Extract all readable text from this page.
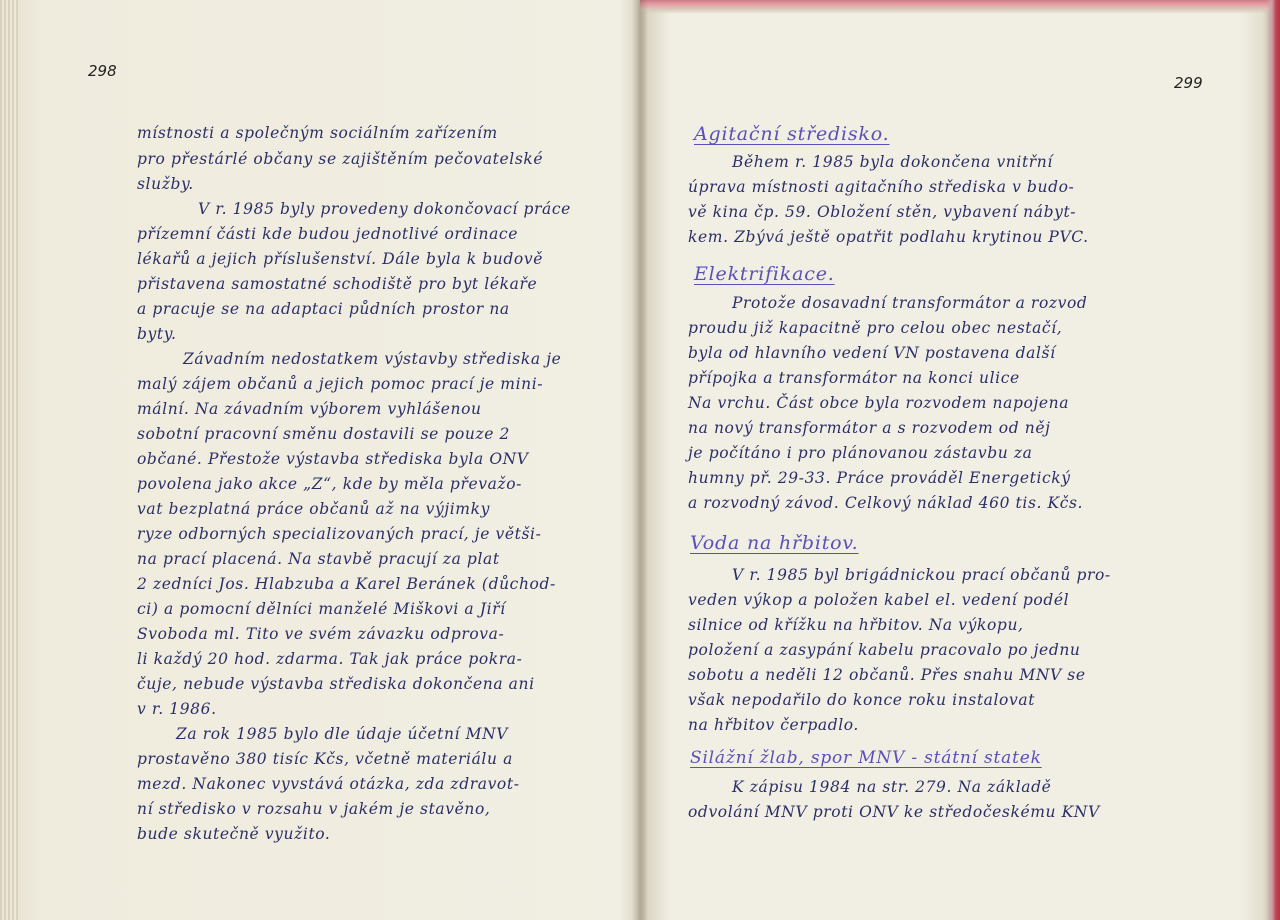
298
místnosti a společným sociálním zařízením
pro přestárlé občany se zajištěním pečovatelské
služby.
V r. 1985 byly provedeny dokončovací práce
přízemní části kde budou jednotlivé ordinace
lékařů a jejich příslušenství. Dále byla k budově
přistavena samostatné schodiště pro byt lékaře
a pracuje se na adaptaci půdních prostor na
byty.
Závadním nedostatkem výstavby střediska je
malý zájem občanů a jejich pomoc prací je mini-
mální. Na závadním výborem vyhlášenou
sobotní pracovní směnu dostavili se pouze 2
občané. Přestože výstavba střediska byla ONV
povolena jako akce „Z“, kde by měla převažo-
vat bezplatná práce občanů až na výjimky
ryze odborných specializovaných prací, je větši-
na prací placená. Na stavbě pracují za plat
2 zedníci Jos. Hlabzuba a Karel Beránek (důchod-
ci) a pomocní dělníci manželé Miškovi a Jiří
Svoboda ml. Tito ve svém závazku odprova-
li každý 20 hod. zdarma. Tak jak práce pokra-
čuje, nebude výstavba střediska dokončena ani
v r. 1986.
Za rok 1985 bylo dle údaje účetní MNV
prostavěno 380 tisíc Kčs, včetně materiálu a
mezd. Nakonec vyvstává otázka, zda zdravot-
ní středisko v rozsahu v jakém je stavěno,
bude skutečně využito.
299
Agitační středisko.
Během r. 1985 byla dokončena vnitřní
úprava místnosti agitačního střediska v budo-
vě kina čp. 59. Obložení stěn, vybavení nábyt-
kem. Zbývá ještě opatřit podlahu krytinou PVC.
Elektrifikace.
Protože dosavadní transformátor a rozvod
proudu již kapacitně pro celou obec nestačí,
byla od hlavního vedení VN postavena další
přípojka a transformátor na konci ulice
Na vrchu. Část obce byla rozvodem napojena
na nový transformátor a s rozvodem od něj
je počítáno i pro plánovanou zástavbu za
humny př. 29-33. Práce prováděl Energetický
a rozvodný závod. Celkový náklad 460 tis. Kčs.
Voda na hřbitov.
V r. 1985 byl brigádnickou prací občanů pro-
veden výkop a položen kabel el. vedení podél
silnice od křížku na hřbitov. Na výkopu,
položení a zasypání kabelu pracovalo po jednu
sobotu a neděli 12 občanů. Přes snahu MNV se
však nepodařilo do konce roku instalovat
na hřbitov čerpadlo.
Silážní žlab, spor MNV - státní statek
K zápisu 1984 na str. 279. Na základě
odvolání MNV proti ONV ke středočeskému KNV
